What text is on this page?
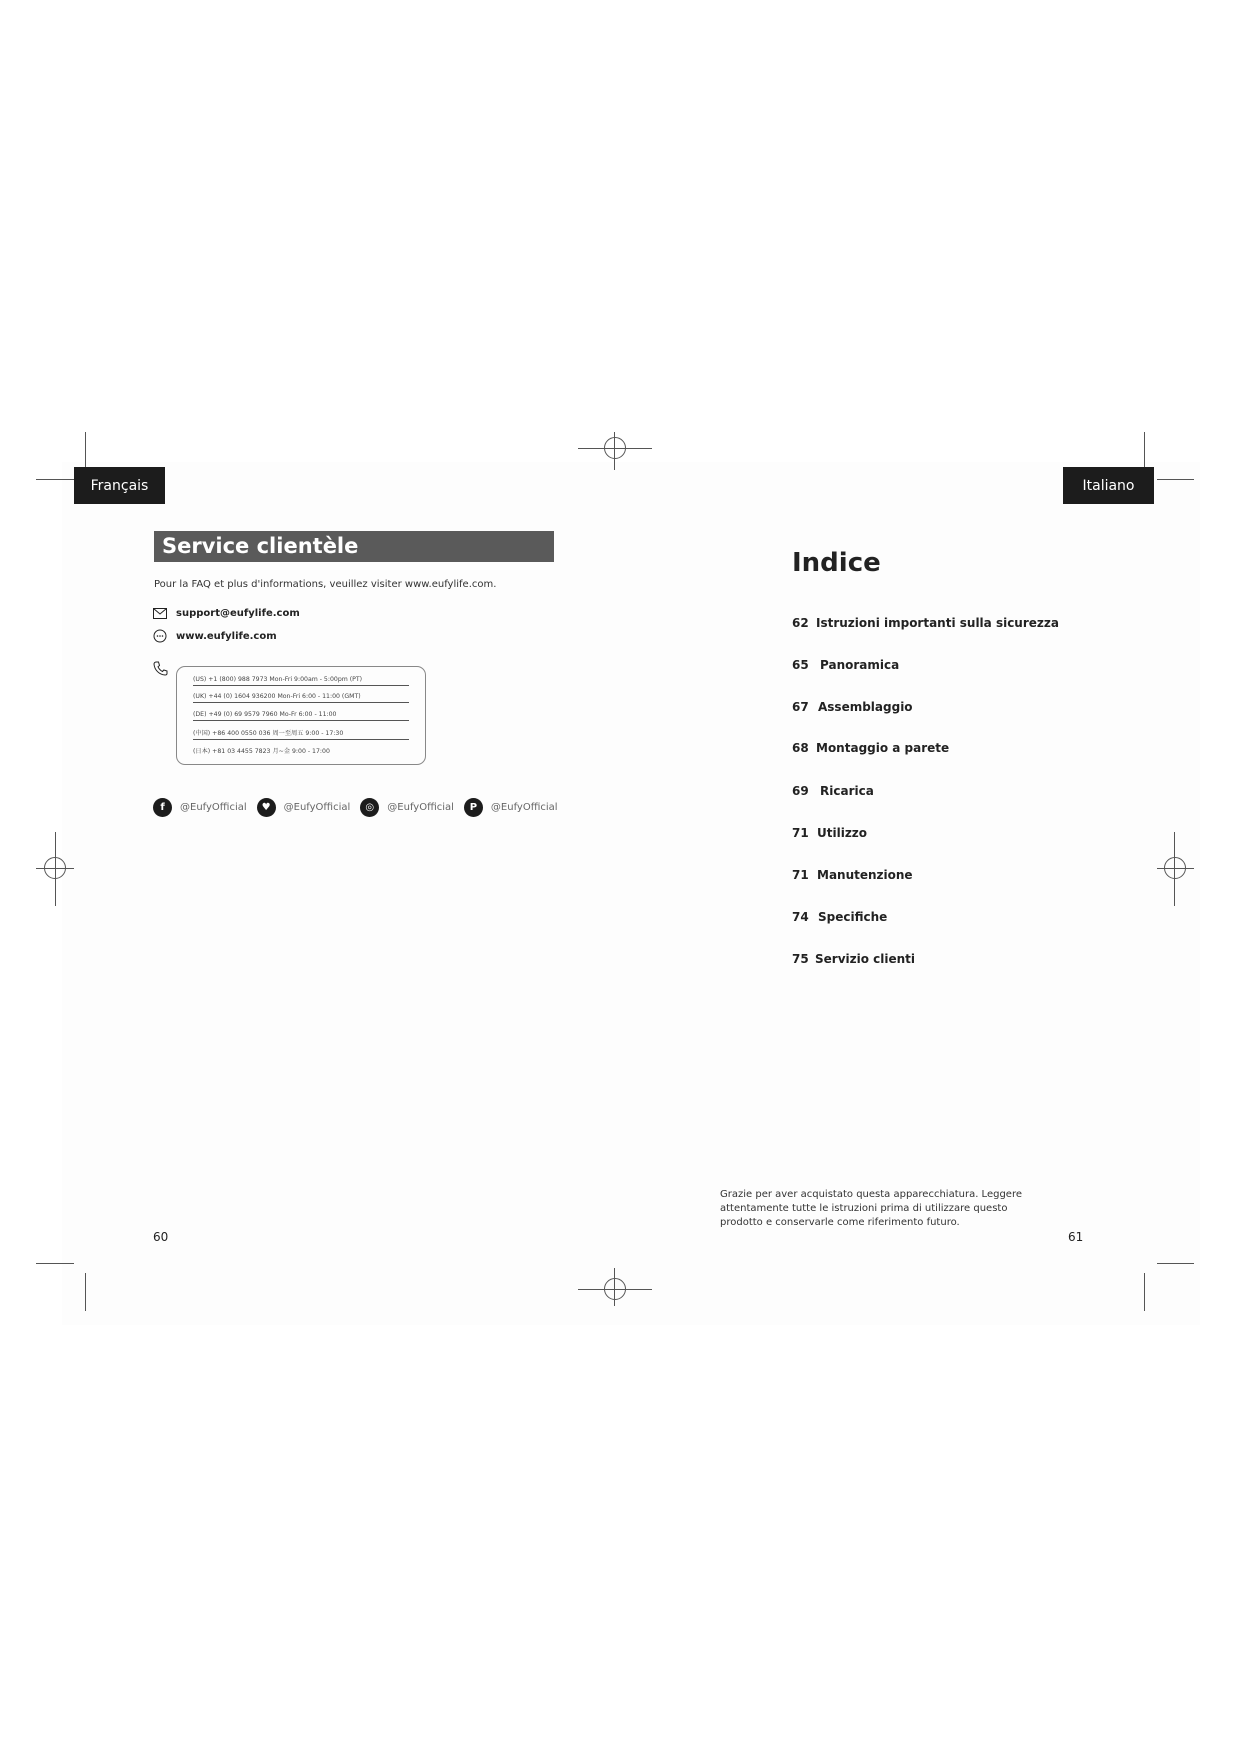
Français	Italiano
Service clientèle
Pour la FAQ et plus d'informations, veuillez visiter www.eufylife.com.
support@eufylife.com
www.eufylife.com
(US) +1 (800) 988 7973 Mon-Fri 9:00am - 5:00pm (PT)
(UK) +44 (0) 1604 936200 Mon-Fri 6:00 - 11:00 (GMT)
(DE) +49 (0) 69 9579 7960 Mo-Fr 6:00 - 11:00
(中国) +86 400 0550 036 周一至周五 9:00 - 17:30
(日本) +81 03 4455 7823 月~金 9:00 - 17:00
f	@EufyOfficial	♥	@EufyOfficial	◎	@EufyOfficial	P	@EufyOfficial
60
Indice
62 Istruzioni importanti sulla sicurezza
65 Panoramica
67 Assemblaggio
68 Montaggio a parete
69 Ricarica
71 Utilizzo
71 Manutenzione
74 Specifiche
75 Servizio clienti
Grazie per aver acquistato questa apparecchiatura. Leggere attentamente tutte le istruzioni prima di utilizzare questo prodotto e conservarle come riferimento futuro.
61
